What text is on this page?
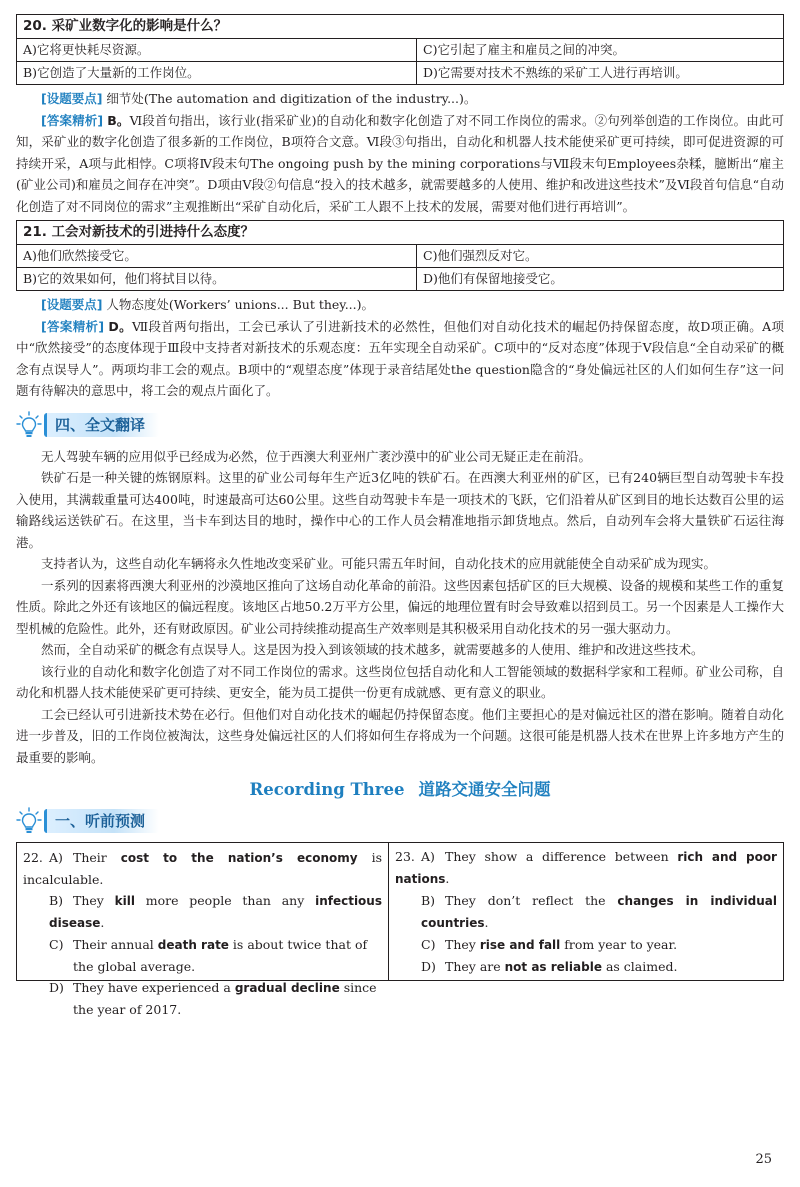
20. 采矿业数字化的影响是什么？
A)它将更快耗尽资源。	C)它引起了雇主和雇员之间的冲突。
B)它创造了大量新的工作岗位。	D)它需要对技术不熟练的采矿工人进行再培训。

[设题要点] 细节处(The automation and digitization of the industry...)。

[答案精析] B。Ⅵ段首句指出，该行业(指采矿业)的自动化和数字化创造了对不同工作岗位的需求。②句列举创造的工作岗位。由此可知，采矿业的数字化创造了很多新的工作岗位，B项符合文意。Ⅵ段③句指出，自动化和机器人技术能使采矿更可持续，即可促进资源的可持续开采，A项与此相悖。C项将Ⅳ段末句The ongoing push by the mining corporations与Ⅶ段末句Employees杂糅，臆断出“雇主(矿业公司)和雇员之间存在冲突”。D项由Ⅴ段②句信息“投入的技术越多，就需要越多的人使用、维护和改进这些技术”及Ⅵ段首句信息“自动化创造了对不同岗位的需求”主观推断出“采矿自动化后，采矿工人跟不上技术的发展，需要对他们进行再培训”。

21. 工会对新技术的引进持什么态度？
A)他们欣然接受它。	C)他们强烈反对它。
B)它的效果如何，他们将拭目以待。	D)他们有保留地接受它。

[设题要点] 人物态度处(Workers’ unions... But they...)。

[答案精析] D。Ⅶ段首两句指出，工会已承认了引进新技术的必然性，但他们对自动化技术的崛起仍持保留态度，故D项正确。A项中“欣然接受”的态度体现于Ⅲ段中支持者对新技术的乐观态度：五年实现全自动采矿。C项中的“反对态度”体现于Ⅴ段信息“全自动采矿的概念有点误导人”。两项均非工会的观点。B项中的“观望态度”体现于录音结尾处the question隐含的“身处偏远社区的人们如何生存”这一问题有待解决的意思中，将工会的观点片面化了。

四、全文翻译

无人驾驶车辆的应用似乎已经成为必然，位于西澳大利亚州广袤沙漠中的矿业公司无疑正走在前沿。

铁矿石是一种关键的炼钢原料。这里的矿业公司每年生产近3亿吨的铁矿石。在西澳大利亚州的矿区，已有240辆巨型自动驾驶卡车投入使用，其满载重量可达400吨，时速最高可达60公里。这些自动驾驶卡车是一项技术的飞跃，它们沿着从矿区到目的地长达数百公里的运输路线运送铁矿石。在这里，当卡车到达目的地时，操作中心的工作人员会精准地指示卸货地点。然后，自动列车会将大量铁矿石运往海港。

支持者认为，这些自动化车辆将永久性地改变采矿业。可能只需五年时间，自动化技术的应用就能使全自动采矿成为现实。

一系列的因素将西澳大利亚州的沙漠地区推向了这场自动化革命的前沿。这些因素包括矿区的巨大规模、设备的规模和某些工作的重复性质。除此之外还有该地区的偏远程度。该地区占地50.2万平方公里，偏远的地理位置有时会导致难以招到员工。另一个因素是人工操作大型机械的危险性。此外，还有财政原因。矿业公司持续推动提高生产效率则是其积极采用自动化技术的另一强大驱动力。

然而，全自动采矿的概念有点误导人。这是因为投入到该领域的技术越多，就需要越多的人使用、维护和改进这些技术。

该行业的自动化和数字化创造了对不同工作岗位的需求。这些岗位包括自动化和人工智能领域的数据科学家和工程师。矿业公司称，自动化和机器人技术能使采矿更可持续、更安全，能为员工提供一份更有成就感、更有意义的职业。

工会已经认可引进新技术势在必行。但他们对自动化技术的崛起仍持保留态度。他们主要担心的是对偏远社区的潜在影响。随着自动化进一步普及，旧的工作岗位被淘汰，这些身处偏远社区的人们将如何生存将成为一个问题。这很可能是机器人技术在世界上许多地方产生的最重要的影响。

Recording Three 道路交通安全问题
一、听前预测

22. A) Their cost to the nation’s economy is incalculable.

B) They kill more people than any infectious disease.

C) Their annual death rate is about twice that of

the global average.

D) They have experienced a gradual decline since

the year of 2017.

23. A) They show a difference between rich and poor nations.

B) They don’t reflect the changes in individual countries.

C) They rise and fall from year to year.

D) They are not as reliable as claimed.

25
